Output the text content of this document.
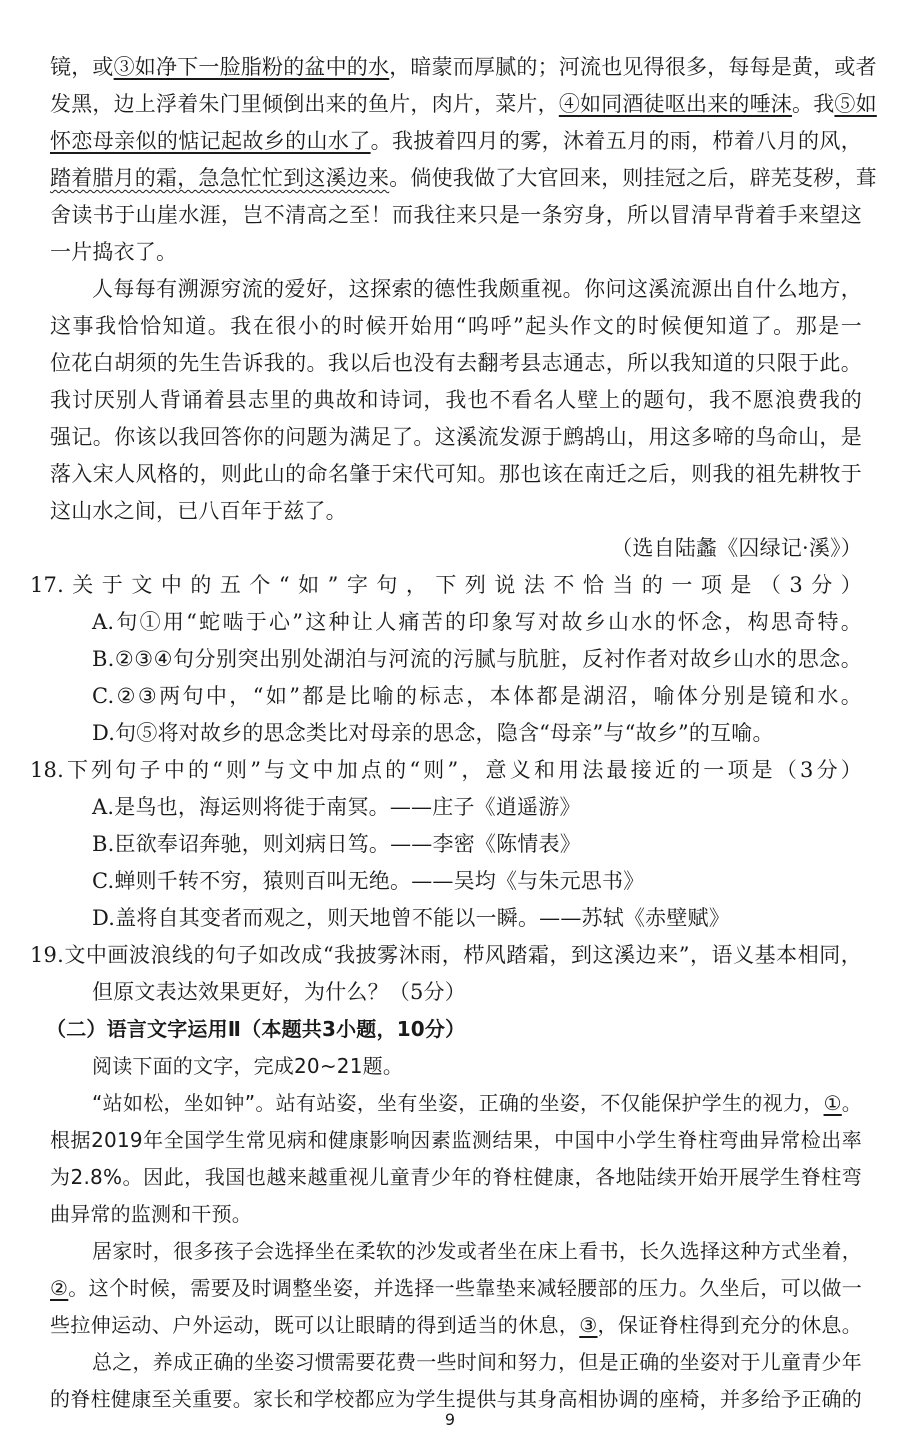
镜，或③如净下一脸脂粉的盆中的水，暗蒙而厚腻的；河流也见得很多，每每是黄，或者
发黑，边上浮着朱门里倾倒出来的鱼片，肉片，菜片，④如同酒徒呕出来的唾沫。我⑤如
怀恋母亲似的惦记起故乡的山水了。我披着四月的雾，沐着五月的雨，栉着八月的风，
踏着腊月的霜，急急忙忙到这溪边来。倘使我做了大官回来，则挂冠之后，辟芜芟秽，葺
舍读书于山崖水涯，岂不清高之至！而我往来只是一条穷身，所以冒清早背着手来望这
一片捣衣了。
人每每有溯源穷流的爱好，这探索的德性我颇重视。你问这溪流源出自什么地方，
这事我恰恰知道。我在很小的时候开始用“呜呼”起头作文的时候便知道了。那是一
位花白胡须的先生告诉我的。我以后也没有去翻考县志通志，所以我知道的只限于此。
我讨厌别人背诵着县志里的典故和诗词，我也不看名人壁上的题句，我不愿浪费我的
强记。你该以我回答你的问题为满足了。这溪流发源于鹧鸪山，用这多啼的鸟命山，是
落入宋人风格的，则此山的命名肇于宋代可知。那也该在南迁之后，则我的祖先耕牧于
这山水之间，已八百年于兹了。
（选自陆蠡《囚绿记·溪》）
17.关于文中的五个“如”字句，下列说法不恰当的一项是（3分）
A.句①用“蛇啮于心”这种让人痛苦的印象写对故乡山水的怀念，构思奇特。
B.②③④句分别突出别处湖泊与河流的污腻与肮脏，反衬作者对故乡山水的思念。
C.②③两句中，“如”都是比喻的标志，本体都是湖沼，喻体分别是镜和水。
D.句⑤将对故乡的思念类比对母亲的思念，隐含“母亲”与“故乡”的互喻。
18.下列句子中的“则”与文中加点的“则”，意义和用法最接近的一项是（3分）
A.是鸟也，海运则将徙于南冥。——庄子《逍遥游》
B.臣欲奉诏奔驰，则刘病日笃。——李密《陈情表》
C.蝉则千转不穷，猿则百叫无绝。——吴均《与朱元思书》
D.盖将自其变者而观之，则天地曾不能以一瞬。——苏轼《赤壁赋》
19.文中画波浪线的句子如改成“我披雾沐雨，栉风踏霜，到这溪边来”，语义基本相同，
但原文表达效果更好，为什么？（5分）
（二）语言文字运用Ⅱ（本题共3小题，10分）
阅读下面的文字，完成20~21题。
“站如松，坐如钟”。站有站姿，坐有坐姿，正确的坐姿，不仅能保护学生的视力，①。
根据2019年全国学生常见病和健康影响因素监测结果，中国中小学生脊柱弯曲异常检出率
为2.8%。因此，我国也越来越重视儿童青少年的脊柱健康，各地陆续开始开展学生脊柱弯
曲异常的监测和干预。
居家时，很多孩子会选择坐在柔软的沙发或者坐在床上看书，长久选择这种方式坐着，
②。这个时候，需要及时调整坐姿，并选择一些靠垫来减轻腰部的压力。久坐后，可以做一
些拉伸运动、户外运动，既可以让眼睛的得到适当的休息，③，保证脊柱得到充分的休息。
总之，养成正确的坐姿习惯需要花费一些时间和努力，但是正确的坐姿对于儿童青少年
的脊柱健康至关重要。家长和学校都应为学生提供与其身高相协调的座椅，并多给予正确的
9
